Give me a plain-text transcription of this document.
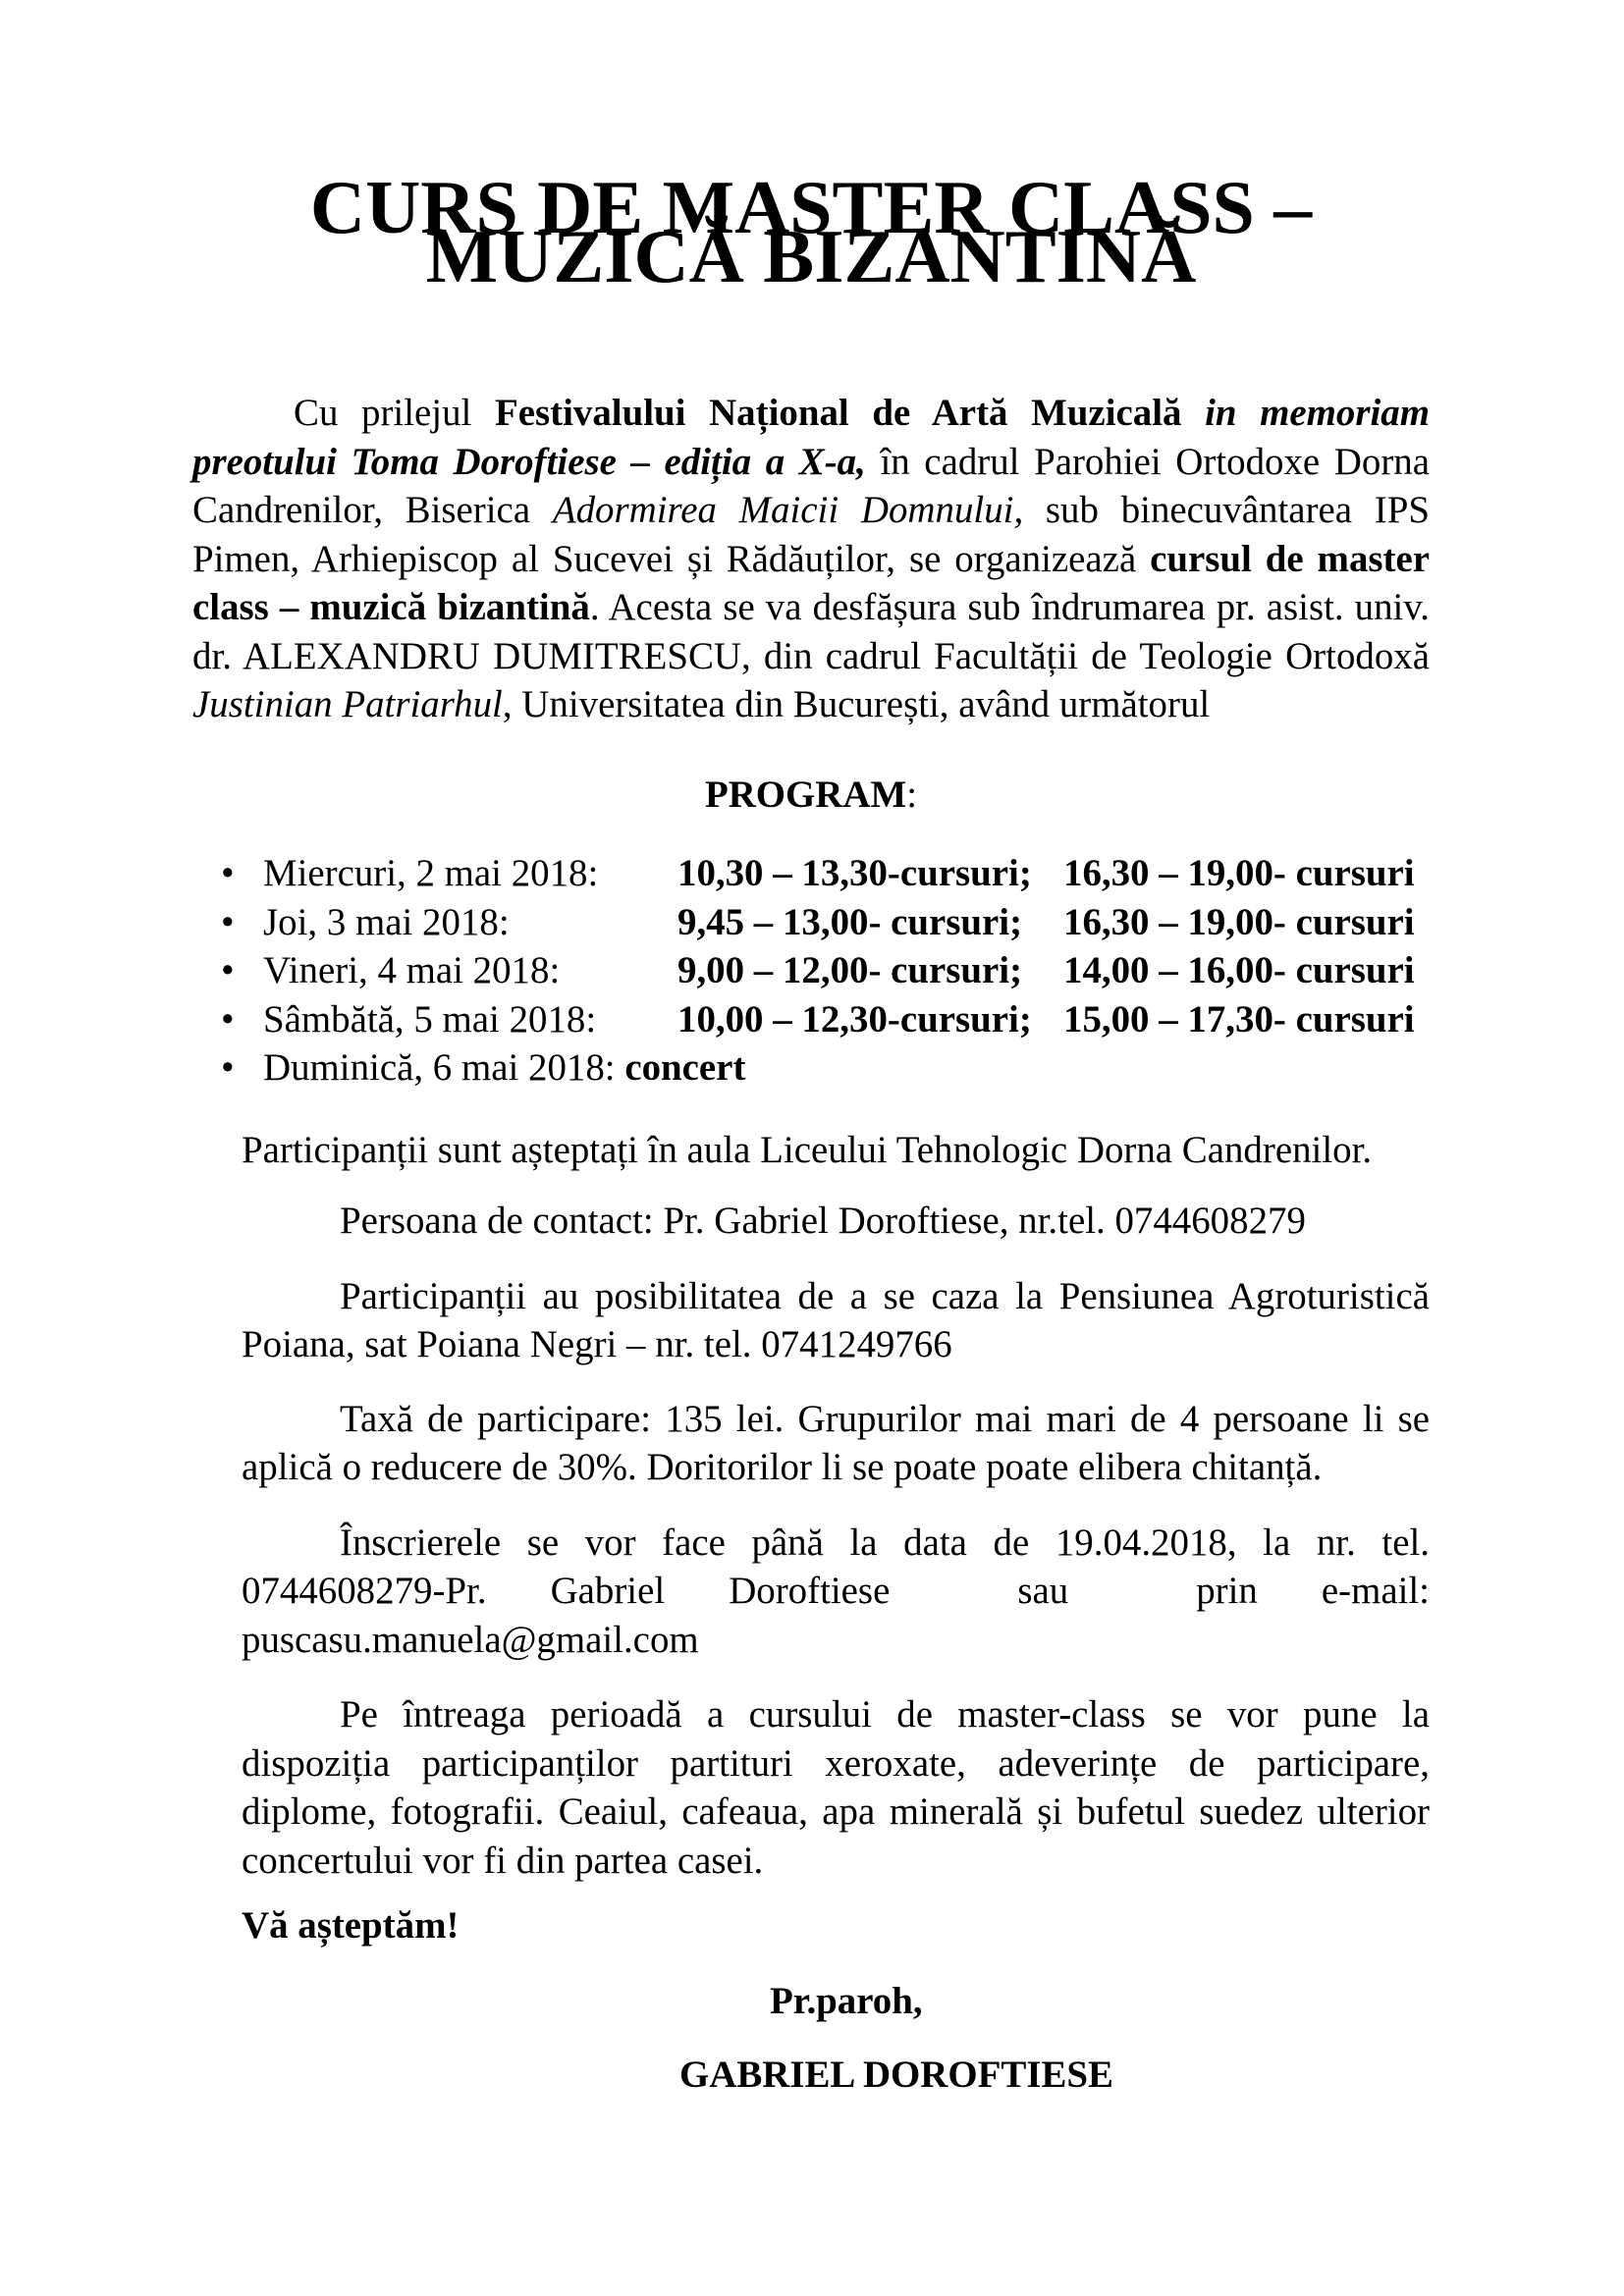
CURS DE MASTER CLASS – MUZICĂ BIZANTINĂ

Cu prilejul Festivalului Național de Artă Muzicală in memoriam preotului Toma Doroftiese – ediția a X-a, în cadrul Parohiei Ortodoxe Dorna Candrenilor, Biserica Adormirea Maicii Domnului, sub binecuvântarea IPS Pimen, Arhiepiscop al Sucevei și Rădăuților, se organizează cursul de master class – muzică bizantină. Acesta se va desfășura sub îndrumarea pr. asist. univ. dr. ALEXANDRU DUMITRESCU, din cadrul Facultății de Teologie Ortodoxă Justinian Patriarhul, Universitatea din București, având următorul

PROGRAM:

• Miercuri, 2 mai 2018:	10,30 – 13,30-cursuri; 16,30 – 19,00- cursuri
• Joi, 3 mai 2018:	9,45 – 13,00- cursuri;	16,30 – 19,00- cursuri
• Vineri, 4 mai 2018:	9,00 – 12,00- cursuri;	14,00 – 16,00- cursuri
• Sâmbătă, 5 mai 2018:	10,00 – 12,30-cursuri; 15,00 – 17,30- cursuri
• Duminică, 6 mai 2018: concert

Participanții sunt așteptați în aula Liceului Tehnologic Dorna Candrenilor.

Persoana de contact: Pr. Gabriel Doroftiese, nr.tel. 0744608279

Participanții au posibilitatea de a se caza la Pensiunea Agroturistică Poiana, sat Poiana Negri – nr. tel. 0741249766

Taxă de participare: 135 lei. Grupurilor mai mari de 4 persoane li se aplică o reducere de 30%. Doritorilor li se poate poate elibera chitanță.

Înscrierele se vor face până la data de 19.04.2018, la nr. tel. 0744608279-Pr. Gabriel Doroftiese  sau  prin e-mail: puscasu.manuela@gmail.com

Pe întreaga perioadă a cursului de master-class se vor pune la dispoziția participanților partituri xeroxate, adeverințe de participare, diplome, fotografii. Ceaiul, cafeaua, apa minerală și bufetul suedez ulterior concertului vor fi din partea casei.

Vă așteptăm!

Pr.paroh,

GABRIEL DOROFTIESE
